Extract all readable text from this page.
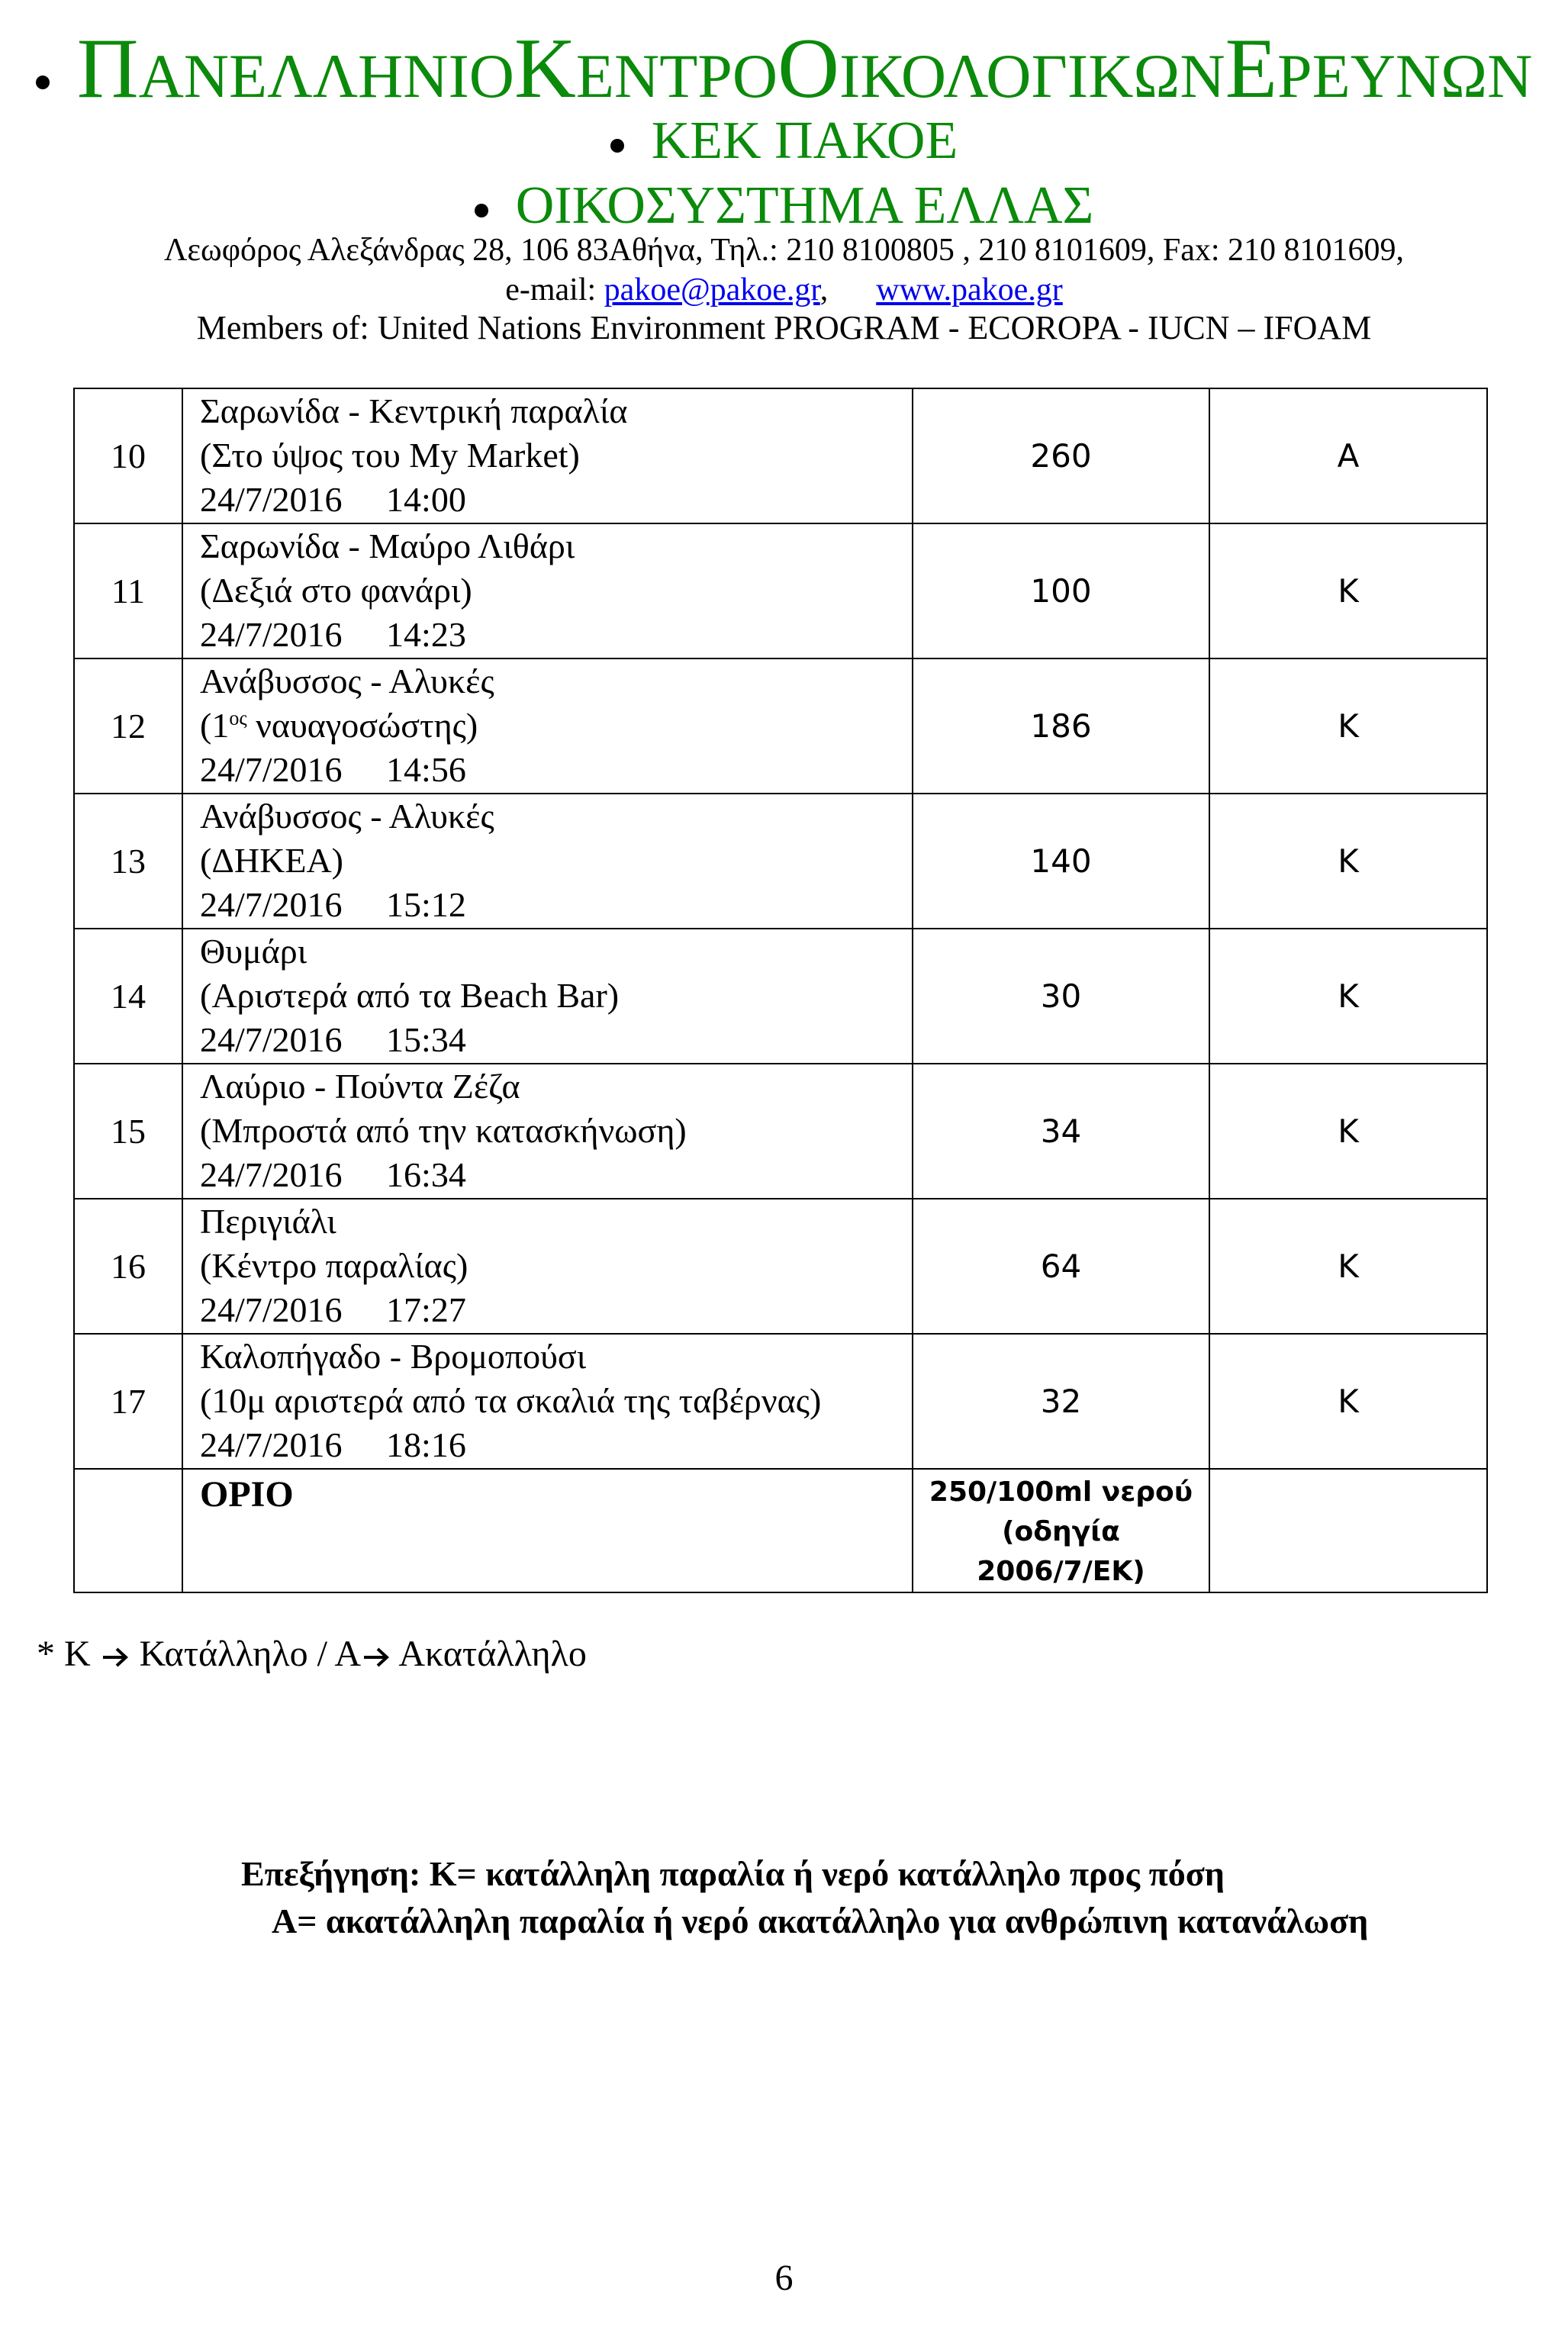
ΠΑΝΕΛΛΗΝΙΟΚΕΝΤΡΟΟΙΚΟΛΟΓΙΚΩΝΕΡΕΥΝΩΝ
ΚΕΚ ΠΑΚΟΕ
ΟΙΚΟΣΥΣΤΗΜΑ ΕΛΛΑΣ
Λεωφόρος Αλεξάνδρας 28, 106 83Αθήνα, Τηλ.: 210 8100805 , 210 8101609, Fax: 210 8101609,
e-mail: pakoe@pakoe.gr,      www.pakoe.gr
Members of: United Nations Environment PROGRAM - ECOROPA - IUCN – IFOAM
10	Σαρωνίδα - Κεντρική παραλία
(Στο ύψος του My Market)
24/7/2016     14:00	260	Α
11	Σαρωνίδα - Μαύρο Λιθάρι
(Δεξιά στο φανάρι)
24/7/2016     14:23	100	Κ
12	Ανάβυσσος - Αλυκές
($1^{o\varsigma}$ ναυαγοσώστης)
24/7/2016     14:56	186	Κ
13	Ανάβυσσος - Αλυκές
(ΔΗΚΕΑ)
24/7/2016     15:12	140	Κ
14	Θυμάρι
(Αριστερά από τα Beach Bar)
24/7/2016     15:34	30	Κ
15	Λαύριο - Πούντα Ζέζα
(Μπροστά από την κατασκήνωση)
24/7/2016     16:34	34	Κ
16	Περιγιάλι
(Κέντρο παραλίας)
24/7/2016     17:27	64	Κ
17	Καλοπήγαδο - Βρομοπούσι
(10μ αριστερά από τα σκαλιά της ταβέρνας)
24/7/2016     18:16	32	Κ

	ΟΡΙΟ	250/100ml νερού
(οδηγία
2006/7/ΕΚ)	

* Κ  Κατάλληλο / Α Ακατάλληλο
Επεξήγηση: Κ= κατάλληλη παραλία ή νερό κατάλληλο προς πόση
Α= ακατάλληλη παραλία ή νερό ακατάλληλο για ανθρώπινη κατανάλωση
6
